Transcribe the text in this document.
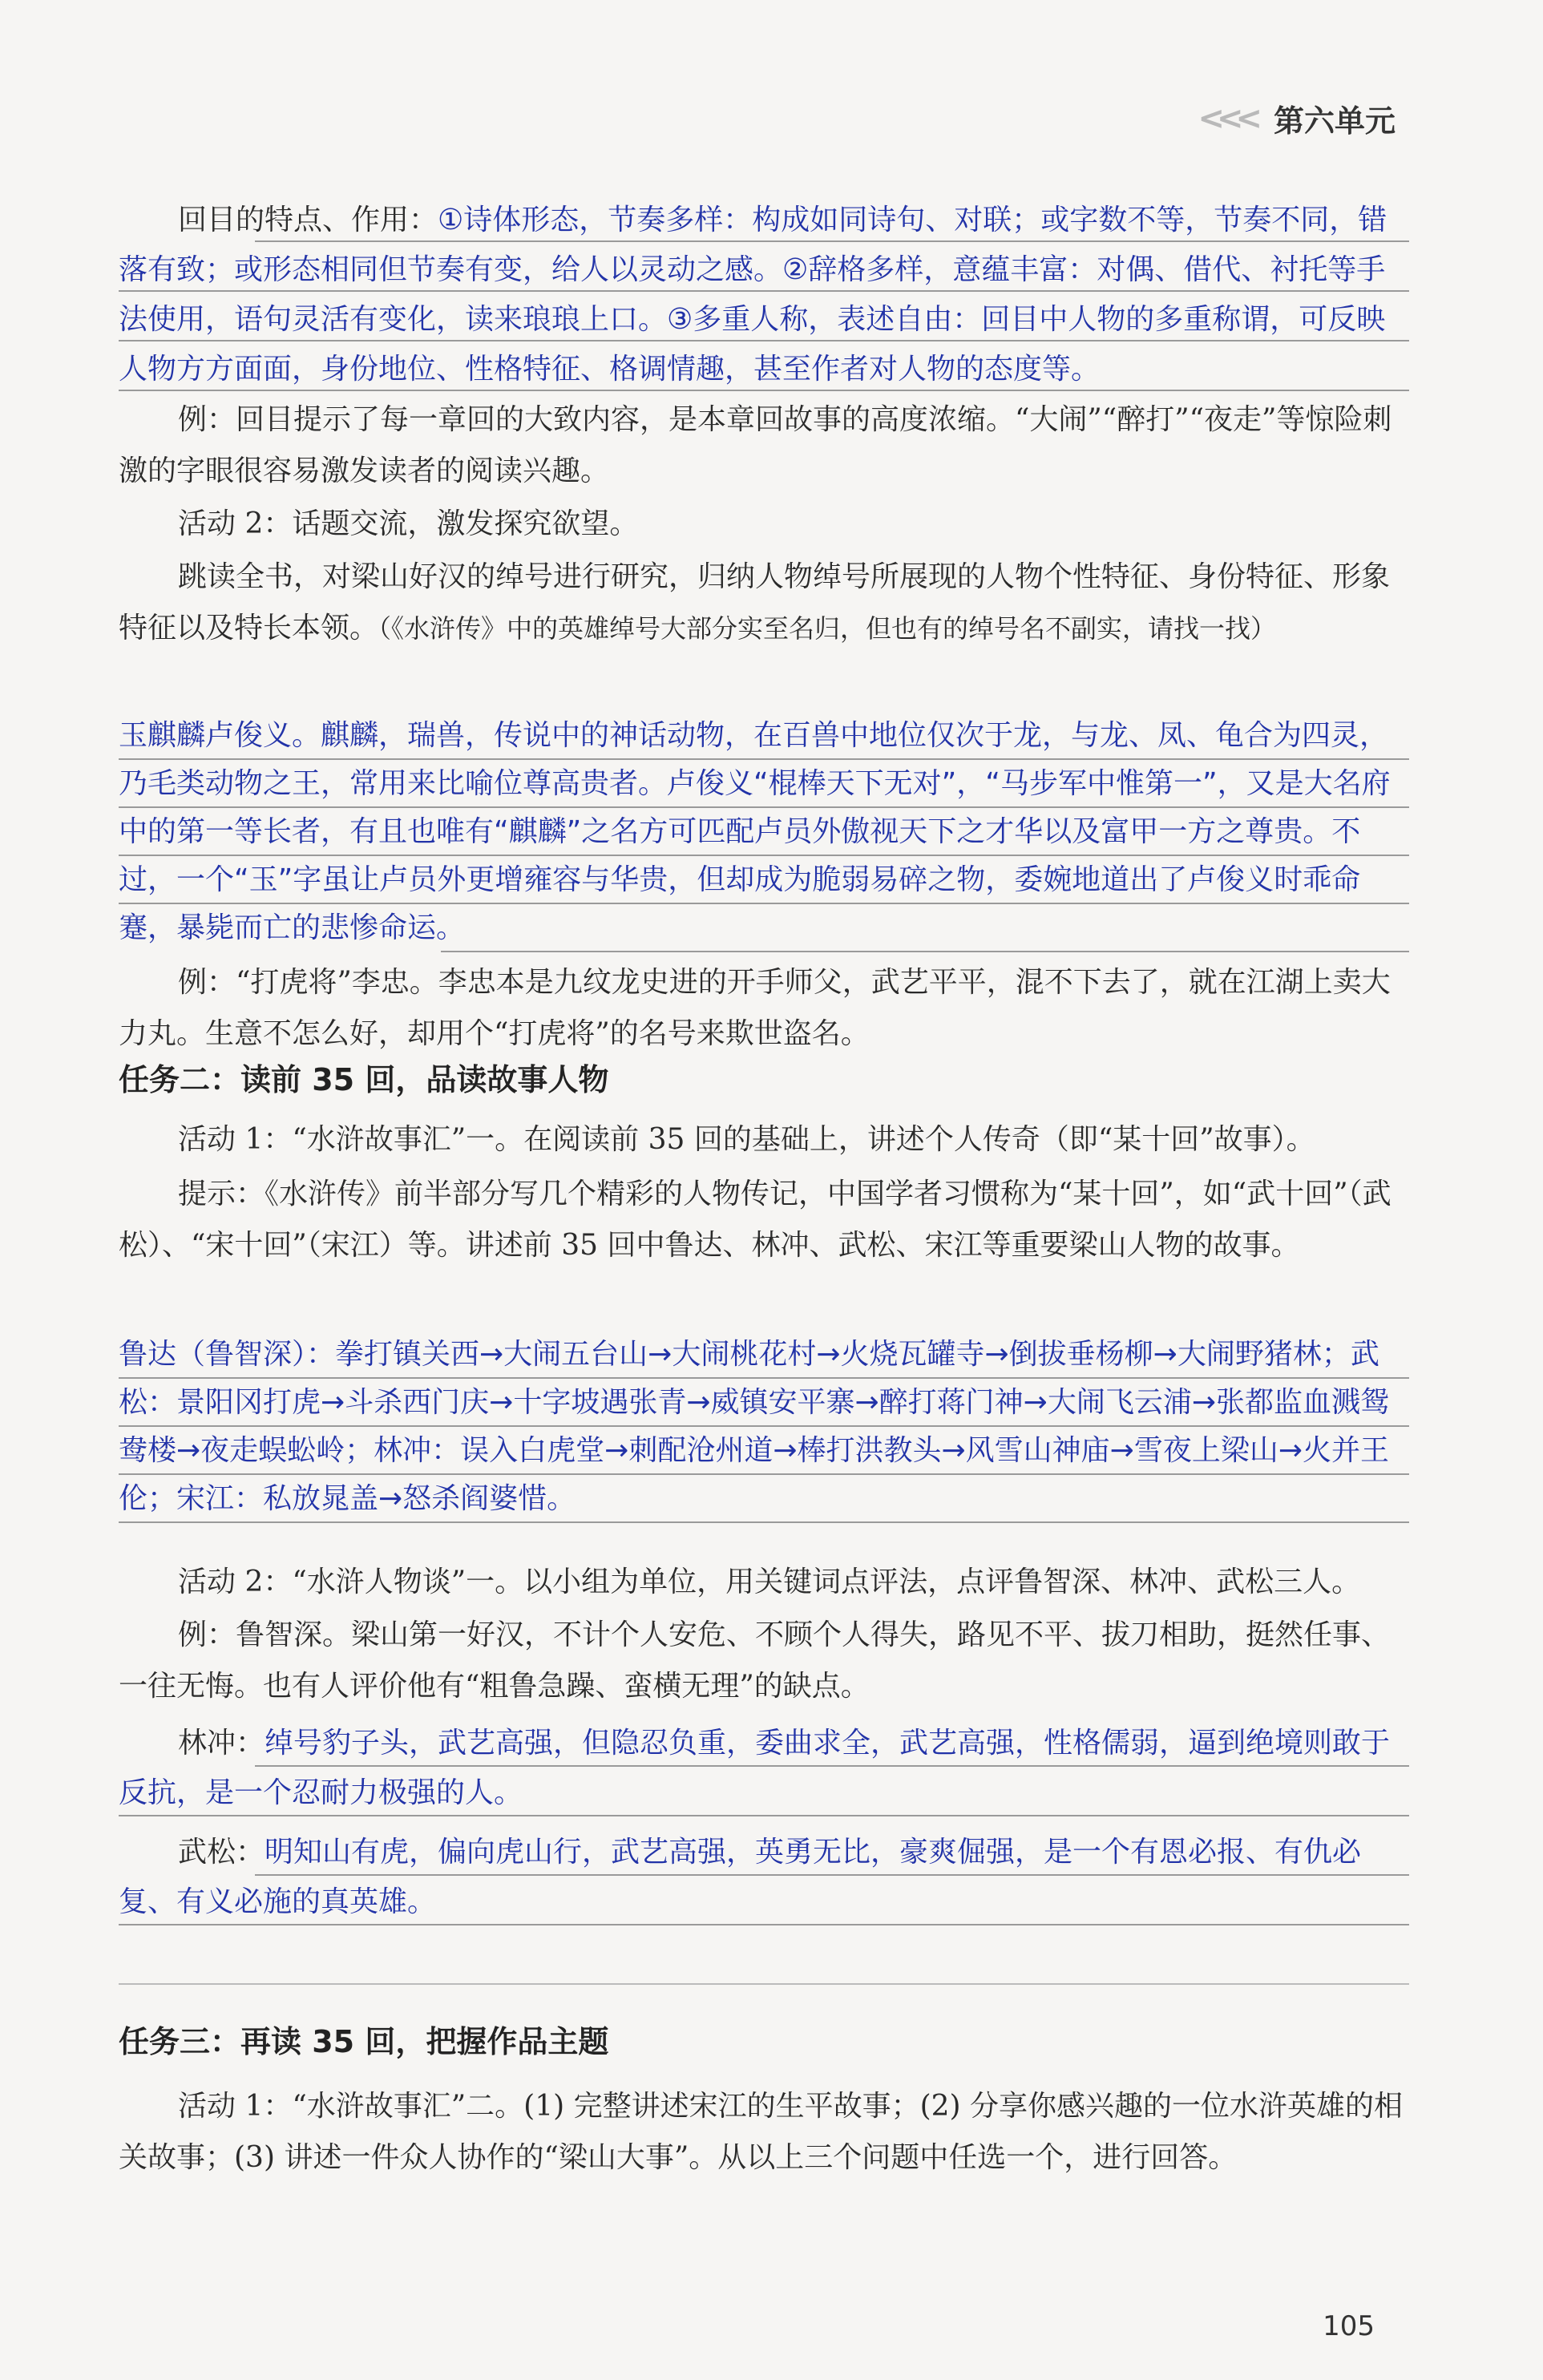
<<< 第六单元
回目的特点、作用：①诗体形态，节奏多样：构成如同诗句、对联；或字数不等，节奏不同，错落有致；或形态相同但节奏有变，给人以灵动之感。②辞格多样，意蕴丰富：对偶、借代、衬托等手法使用，语句灵活有变化，读来琅琅上口。③多重人称，表述自由：回目中人物的多重称谓，可反映人物方方面面，身份地位、性格特征、格调情趣，甚至作者对人物的态度等。

例：回目提示了每一章回的大致内容，是本章回故事的高度浓缩。“大闹”“醉打”“夜走”等惊险刺激的字眼很容易激发读者的阅读兴趣。

活动 2：话题交流，激发探究欲望。

跳读全书，对梁山好汉的绰号进行研究，归纳人物绰号所展现的人物个性特征、身份特征、形象特征以及特长本领。（《水浒传》中的英雄绰号大部分实至名归，但也有的绰号名不副实，请找一找）
玉麒麟卢俊义。麒麟，瑞兽，传说中的神话动物，在百兽中地位仅次于龙，与龙、凤、龟合为四灵，乃毛类动物之王，常用来比喻位尊高贵者。卢俊义“棍棒天下无对”，“马步军中惟第一”，又是大名府中的第一等长者，有且也唯有“麒麟”之名方可匹配卢员外傲视天下之才华以及富甲一方之尊贵。不过，一个“玉”字虽让卢员外更增雍容与华贵，但却成为脆弱易碎之物，委婉地道出了卢俊义时乖命蹇，暴毙而亡的悲惨命运。

例：“打虎将”李忠。李忠本是九纹龙史进的开手师父，武艺平平，混不下去了，就在江湖上卖大力丸。生意不怎么好，却用个“打虎将”的名号来欺世盗名。

任务二：读前 35 回，品读故事人物

活动 1：“水浒故事汇”一。在阅读前 35 回的基础上，讲述个人传奇（即“某十回”故事）。

提示：《水浒传》前半部分写几个精彩的人物传记，中国学者习惯称为“某十回”，如“武十回”（武松）、“宋十回”（宋江）等。讲述前 35 回中鲁达、林冲、武松、宋江等重要梁山人物的故事。

鲁达（鲁智深）：拳打镇关西→大闹五台山→大闹桃花村→火烧瓦罐寺→倒拔垂杨柳→大闹野猪林；武松：景阳冈打虎→斗杀西门庆→十字坡遇张青→威镇安平寨→醉打蒋门神→大闹飞云浦→张都监血溅鸳鸯楼→夜走蜈蚣岭；林冲：误入白虎堂→刺配沧州道→棒打洪教头→风雪山神庙→雪夜上梁山→火并王伦；宋江：私放晁盖→怒杀阎婆惜。

活动 2：“水浒人物谈”一。以小组为单位，用关键词点评法，点评鲁智深、林冲、武松三人。

例：鲁智深。梁山第一好汉，不计个人安危、不顾个人得失，路见不平、拔刀相助，挺然任事、一往无悔。也有人评价他有“粗鲁急躁、蛮横无理”的缺点。

林冲：绰号豹子头，武艺高强，但隐忍负重，委曲求全，武艺高强，性格儒弱，逼到绝境则敢于反抗，是一个忍耐力极强的人。
武松：明知山有虎，偏向虎山行，武艺高强，英勇无比，豪爽倔强，是一个有恩必报、有仇必复、有义必施的真英雄。
任务三：再读 35 回，把握作品主题

活动 1：“水浒故事汇”二。(1) 完整讲述宋江的生平故事；(2) 分享你感兴趣的一位水浒英雄的相关故事；(3) 讲述一件众人协作的“梁山大事”。从以上三个问题中任选一个，进行回答。

105
